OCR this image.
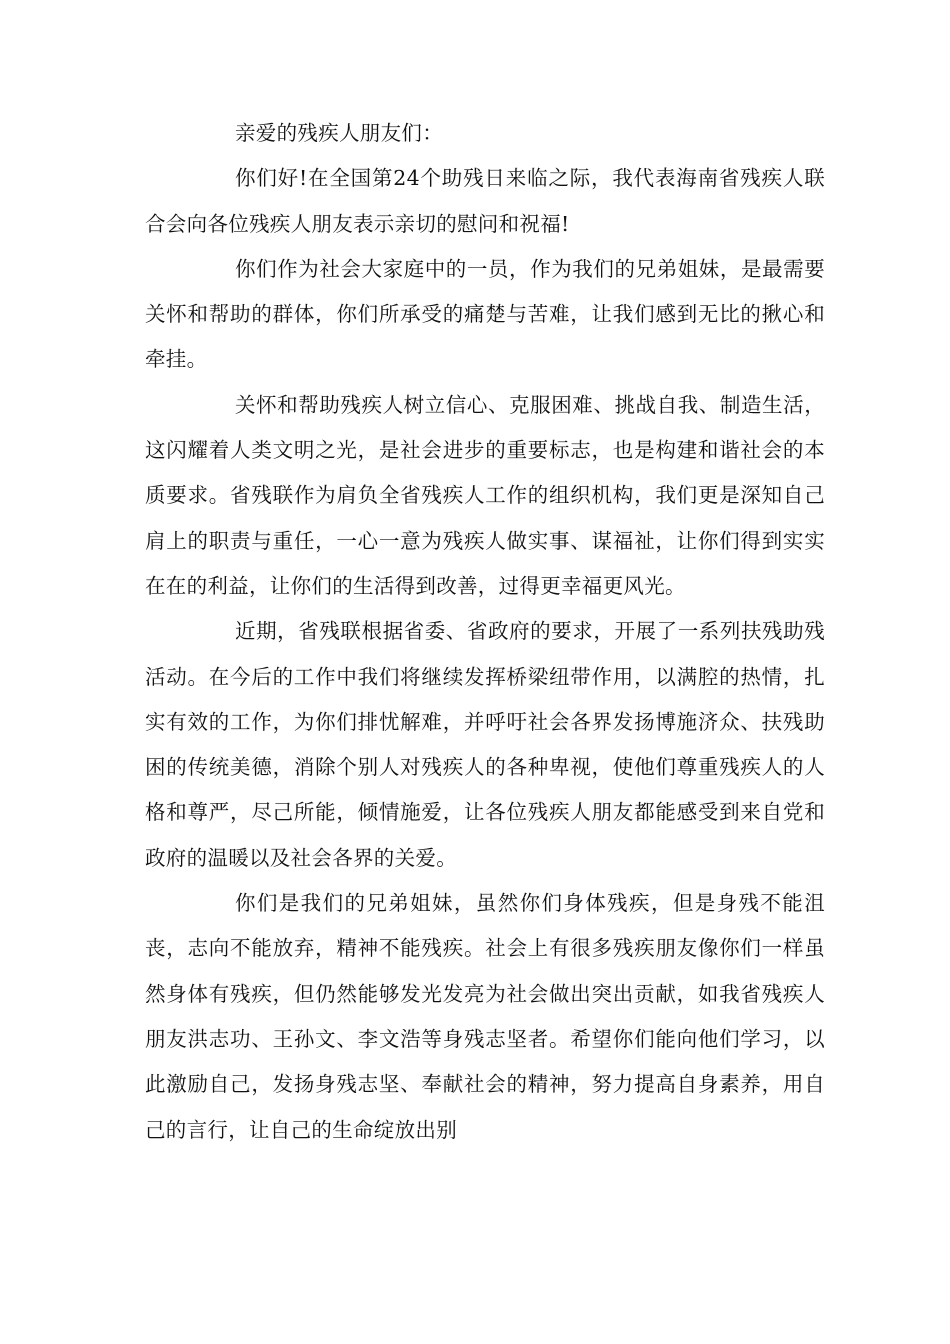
亲爱的残疾人朋友们：

你们好!在全国第24个助残日来临之际，我代表海南省残疾人联合会向各位残疾人朋友表示亲切的慰问和祝福!

你们作为社会大家庭中的一员，作为我们的兄弟姐妹，是最需要关怀和帮助的群体，你们所承受的痛楚与苦难，让我们感到无比的揪心和牵挂。

关怀和帮助残疾人树立信心、克服困难、挑战自我、制造生活，这闪耀着人类文明之光，是社会进步的重要标志，也是构建和谐社会的本质要求。省残联作为肩负全省残疾人工作的组织机构，我们更是深知自己肩上的职责与重任，一心一意为残疾人做实事、谋福祉，让你们得到实实在在的利益，让你们的生活得到改善，过得更幸福更风光。

近期，省残联根据省委、省政府的要求，开展了一系列扶残助残活动。在今后的工作中我们将继续发挥桥梁纽带作用，以满腔的热情，扎实有效的工作，为你们排忧解难，并呼吁社会各界发扬博施济众、扶残助困的传统美德，消除个别人对残疾人的各种卑视，使他们尊重残疾人的人格和尊严，尽己所能，倾情施爱，让各位残疾人朋友都能感受到来自党和政府的温暖以及社会各界的关爱。

你们是我们的兄弟姐妹，虽然你们身体残疾，但是身残不能沮丧，志向不能放弃，精神不能残疾。社会上有很多残疾朋友像你们一样虽然身体有残疾，但仍然能够发光发亮为社会做出突出贡献，如我省残疾人朋友洪志功、王孙文、李文浩等身残志坚者。希望你们能向他们学习，以此激励自己，发扬身残志坚、奉献社会的精神，努力提高自身素养，用自己的言行，让自己的生命绽放出别
